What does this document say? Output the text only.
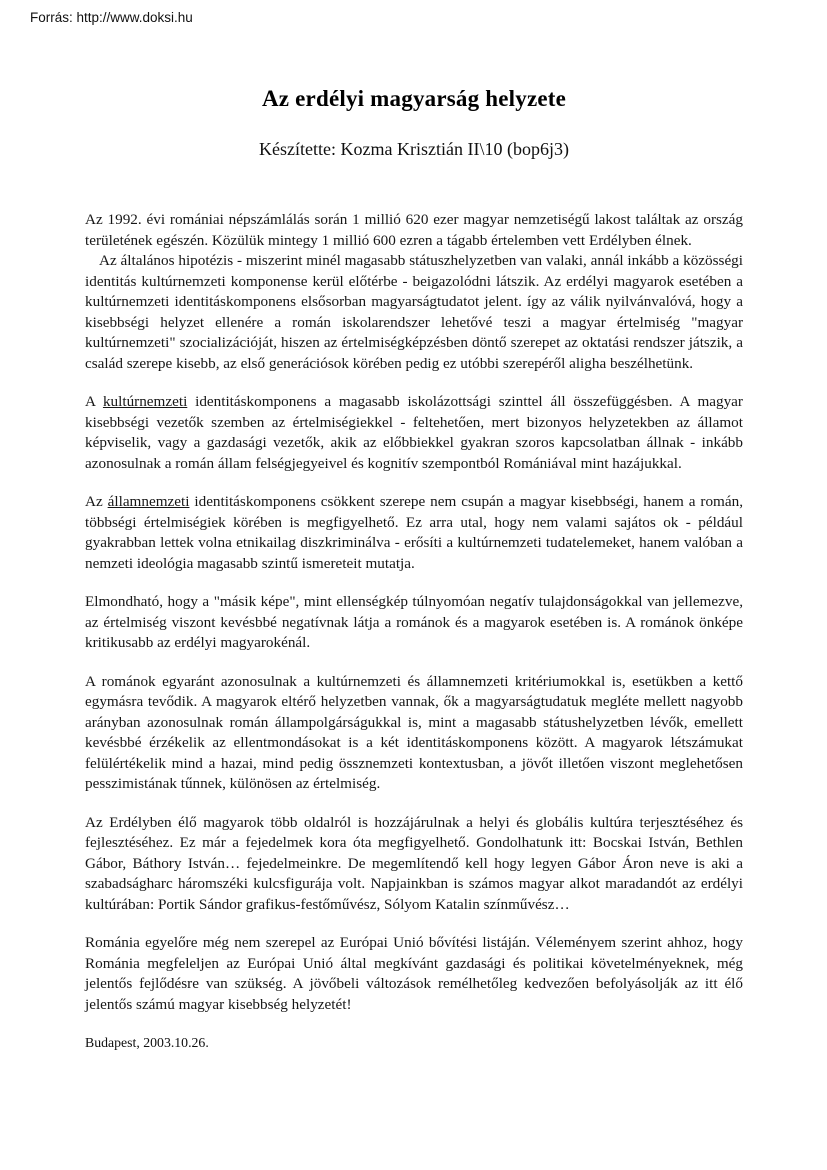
Forrás: http://www.doksi.hu
Az erdélyi magyarság helyzete
Készítette: Kozma Krisztián II\10 (bop6j3)

Az 1992. évi romániai népszámlálás során 1 millió 620 ezer magyar nemzetiségű lakost találtak az ország területének egészén. Közülük mintegy 1 millió 600 ezren a tágabb értelemben vett Erdélyben élnek.

Az általános hipotézis - miszerint minél magasabb státuszhelyzetben van valaki, annál inkább a közösségi identitás kultúrnemzeti komponense kerül előtérbe - beigazolódni látszik. Az erdélyi magyarok esetében a kultúrnemzeti identitáskomponens elsősorban magyarságtudatot jelent. így az válik nyilvánvalóvá, hogy a kisebbségi helyzet ellenére a román iskolarendszer lehetővé teszi a magyar értelmiség "magyar kultúrnemzeti" szocializációját, hiszen az értelmiségképzésben döntő szerepet az oktatási rendszer játszik, a család szerepe kisebb, az első generációsok körében pedig ez utóbbi szerepéről aligha beszélhetünk.

A kultúrnemzeti identitáskomponens a magasabb iskolázottsági szinttel áll összefüggésben. A magyar kisebbségi vezetők szemben az értelmiségiekkel - feltehetően, mert bizonyos helyzetekben az államot képviselik, vagy a gazdasági vezetők, akik az előbbiekkel gyakran szoros kapcsolatban állnak - inkább azonosulnak a román állam felségjegyeivel és kognitív szempontból Romániával mint hazájukkal.

Az államnemzeti identitáskomponens csökkent szerepe nem csupán a magyar kisebbségi, hanem a román, többségi értelmiségiek körében is megfigyelhető. Ez arra utal, hogy nem valami sajátos ok - például gyakrabban lettek volna etnikailag diszkriminálva - erősíti a kultúrnemzeti tudatelemeket, hanem valóban a nemzeti ideológia magasabb szintű ismereteit mutatja.

Elmondható, hogy a "másik képe", mint ellenségkép túlnyomóan negatív tulajdonságokkal van jellemezve, az értelmiség viszont kevésbbé negatívnak látja a románok és a magyarok esetében is. A románok önképe kritikusabb az erdélyi magyarokénál.

A románok egyaránt azonosulnak a kultúrnemzeti és államnemzeti kritériumokkal is, esetükben a kettő egymásra tevődik. A magyarok eltérő helyzetben vannak, ők a magyarságtudatuk megléte mellett nagyobb arányban azonosulnak román állampolgárságukkal is, mint a magasabb státushelyzetben lévők, emellett kevésbbé érzékelik az ellentmondásokat is a két identitáskomponens között. A magyarok létszámukat felülértékelik mind a hazai, mind pedig össznemzeti kontextusban, a jövőt illetően viszont meglehetősen pesszimistának tűnnek, különösen az értelmiség.

Az Erdélyben élő magyarok több oldalról is hozzájárulnak a helyi és globális kultúra terjesztéséhez és fejlesztéséhez. Ez már a fejedelmek kora óta megfigyelhető. Gondolhatunk itt: Bocskai István, Bethlen Gábor, Báthory István… fejedelmeinkre. De megemlítendő kell hogy legyen Gábor Áron neve is aki a szabadságharc háromszéki kulcsfigurája volt. Napjainkban is számos magyar alkot maradandót az erdélyi kultúrában: Portik Sándor grafikus-festőművész, Sólyom Katalin színművész…

Románia egyelőre még nem szerepel az Európai Unió bővítési listáján. Véleményem szerint ahhoz, hogy Románia megfeleljen az Európai Unió által megkívánt gazdasági és politikai követelményeknek, még jelentős fejlődésre van szükség. A jövőbeli változások remélhetőleg kedvezően befolyásolják az itt élő jelentős számú magyar kisebbség helyzetét!

Budapest, 2003.10.26.
